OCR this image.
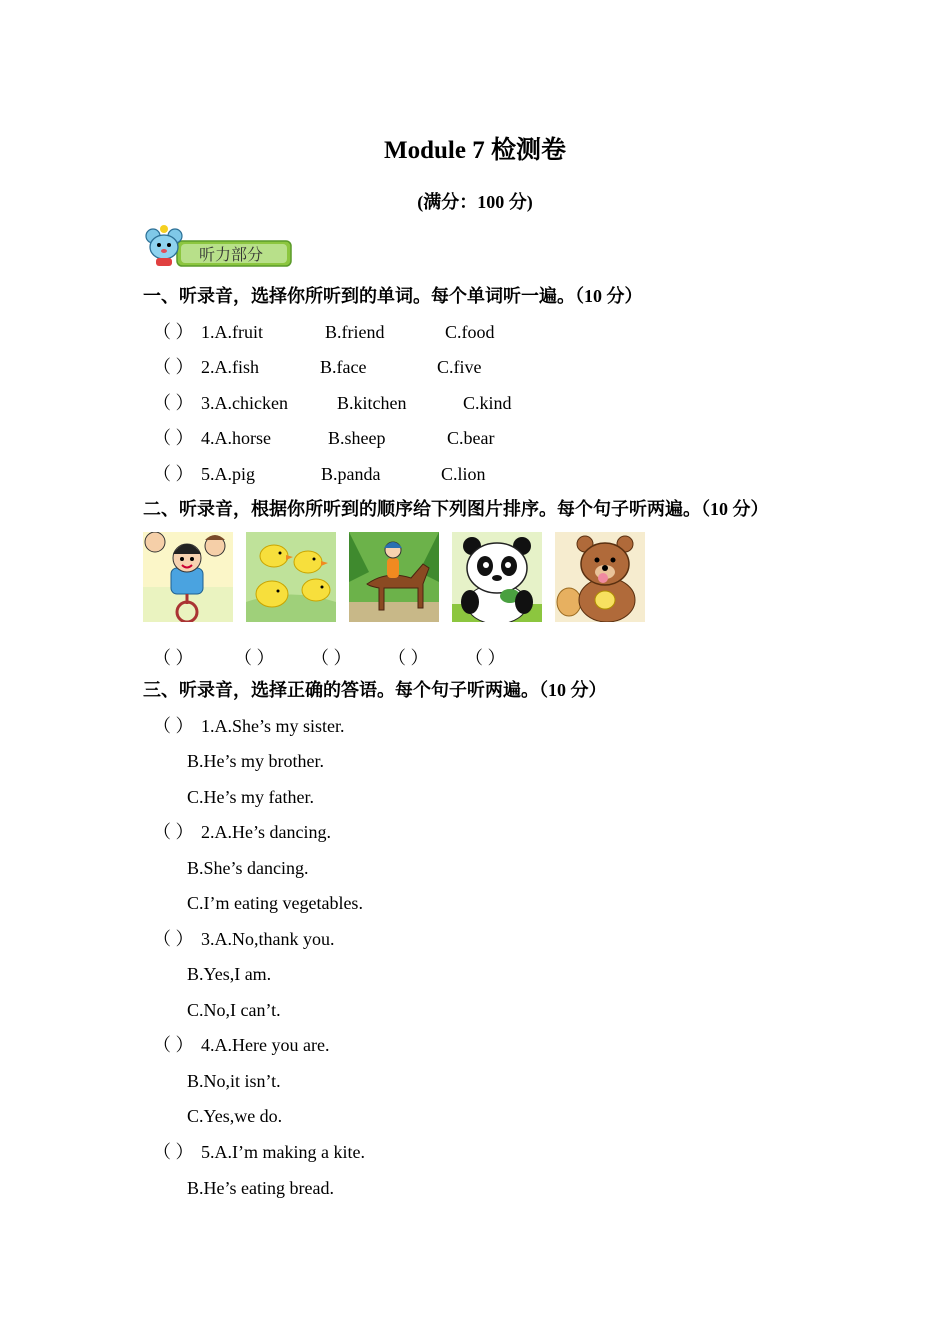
Module 7 检测卷
(满分：100 分)
听力部分
一、听录音，选择你所听到的单词。每个单词听一遍。（10 分）
（ ） 1.A.fruit	B.friend	C.food
（ ） 2.A.fish	B.face	C.five
（ ） 3.A.chicken	B.kitchen	C.kind
（ ） 4.A.horse	B.sheep	C.bear
（ ） 5.A.pig	B.panda	C.lion
二、听录音，根据你所听到的顺序给下列图片排序。每个句子听两遍。（10 分）
（ ） （ ） （ ） （ ） （ ）
三、听录音，选择正确的答语。每个句子听两遍。（10 分）
（ ） 1.A.She’s my sister.
B.He’s my brother.
C.He’s my father.
（ ） 2.A.He’s dancing.
B.She’s dancing.
C.I’m eating vegetables.
（ ） 3.A.No,thank you.
B.Yes,I am.
C.No,I can’t.
（ ） 4.A.Here you are.
B.No,it isn’t.
C.Yes,we do.
（ ） 5.A.I’m making a kite.
B.He’s eating bread.
